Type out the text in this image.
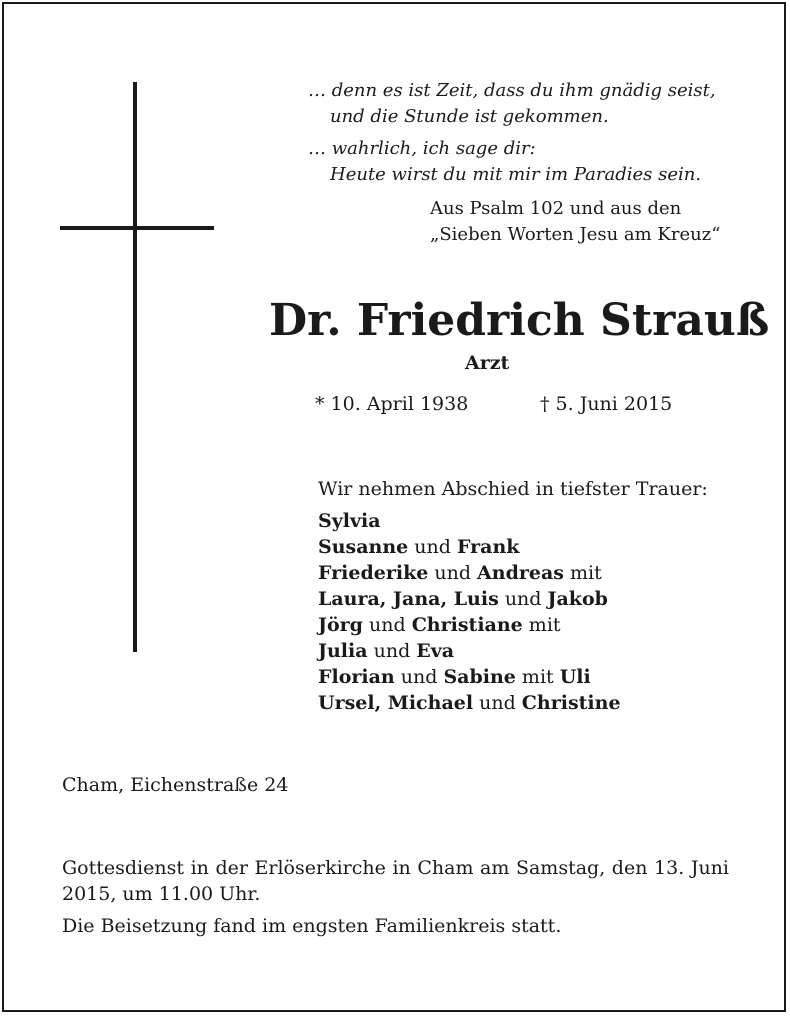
… denn es ist Zeit, dass du ihm gnädig seist,
und die Stunde ist gekommen.
… wahrlich, ich sage dir:
Heute wirst du mit mir im Paradies sein.
Aus Psalm 102 und aus den
„Sieben Worten Jesu am Kreuz“
Dr. Friedrich Strauß
Arzt
* 10. April 1938	† 5. Juni 2015
Wir nehmen Abschied in tiefster Trauer:
Sylvia
Susanne und Frank
Friederike und Andreas mit
Laura, Jana, Luis und Jakob
Jörg und Christiane mit
Julia und Eva
Florian und Sabine mit Uli
Ursel, Michael und Christine
Cham, Eichenstraße 24
Gottesdienst in der Erlöserkirche in Cham am Samstag, den 13. Juni 2015, um 11.00 Uhr.
Die Beisetzung fand im engsten Familienkreis statt.
